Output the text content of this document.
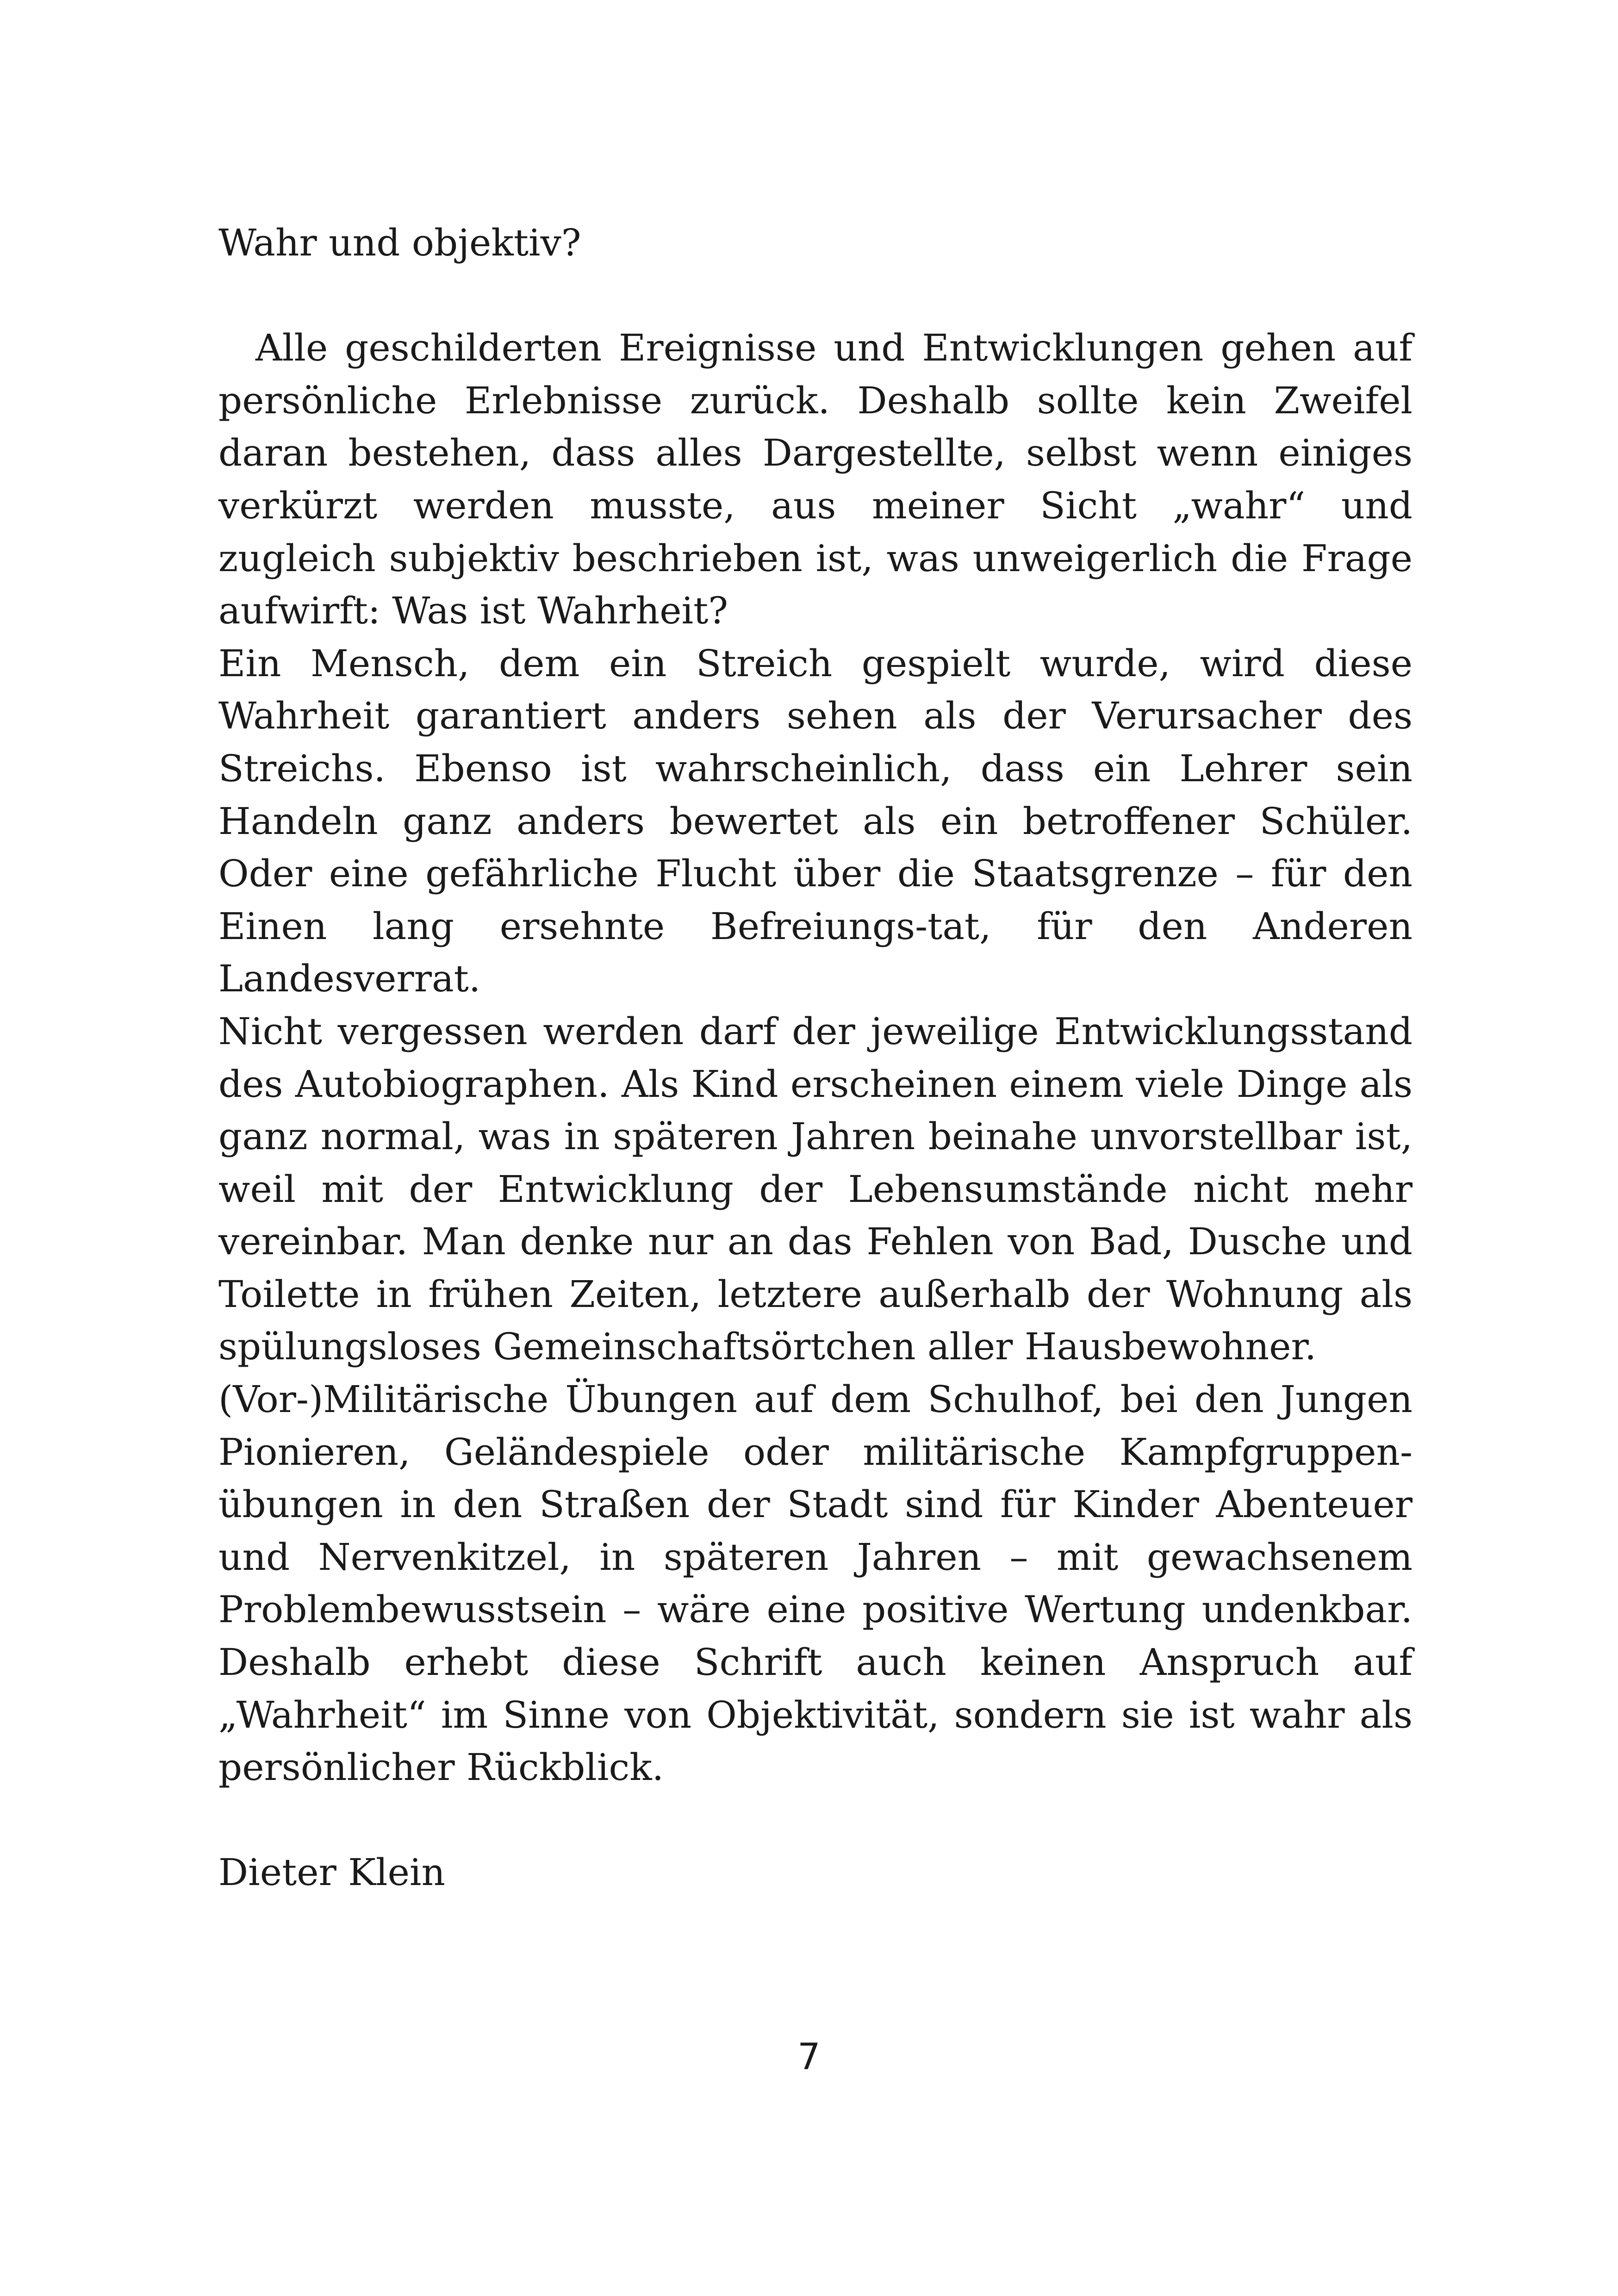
Wahr und objektiv?

Alle geschilderten Ereignisse und Entwicklungen gehen auf persönliche Erlebnisse zurück. Deshalb sollte kein Zweifel daran bestehen, dass alles Dargestellte, selbst wenn einiges verkürzt werden musste, aus meiner Sicht „wahr“ und zugleich subjektiv beschrieben ist, was unweigerlich die Frage aufwirft: Was ist Wahrheit?

Ein Mensch, dem ein Streich gespielt wurde, wird diese Wahrheit garantiert anders sehen als der Verursacher des Streichs. Ebenso ist wahrscheinlich, dass ein Lehrer sein Handeln ganz anders bewertet als ein betroffener Schüler. Oder eine gefährliche Flucht über die Staatsgrenze – für den Einen lang ersehnte Befreiungs-tat, für den Anderen Landesverrat.

Nicht vergessen werden darf der jeweilige Entwicklungsstand des Autobiographen. Als Kind erscheinen einem viele Dinge als ganz normal, was in späteren Jahren beinahe unvorstellbar ist, weil mit der Entwicklung der Lebensumstände nicht mehr vereinbar. Man denke nur an das Fehlen von Bad, Dusche und Toilette in frühen Zeiten, letztere außerhalb der Wohnung als spülungsloses Gemeinschaftsörtchen aller Hausbewohner.

(Vor-)Militärische Übungen auf dem Schulhof, bei den Jungen Pionieren, Geländespiele oder militärische Kampfgruppenübungen in den Straßen der Stadt sind für Kinder Abenteuer und Nervenkitzel, in späteren Jahren – mit gewachsenem Problembewusstsein – wäre eine positive Wertung undenkbar. Deshalb erhebt diese Schrift auch keinen Anspruch auf „Wahrheit“ im Sinne von Objektivität, sondern sie ist wahr als persönlicher Rückblick.

Dieter Klein

7
